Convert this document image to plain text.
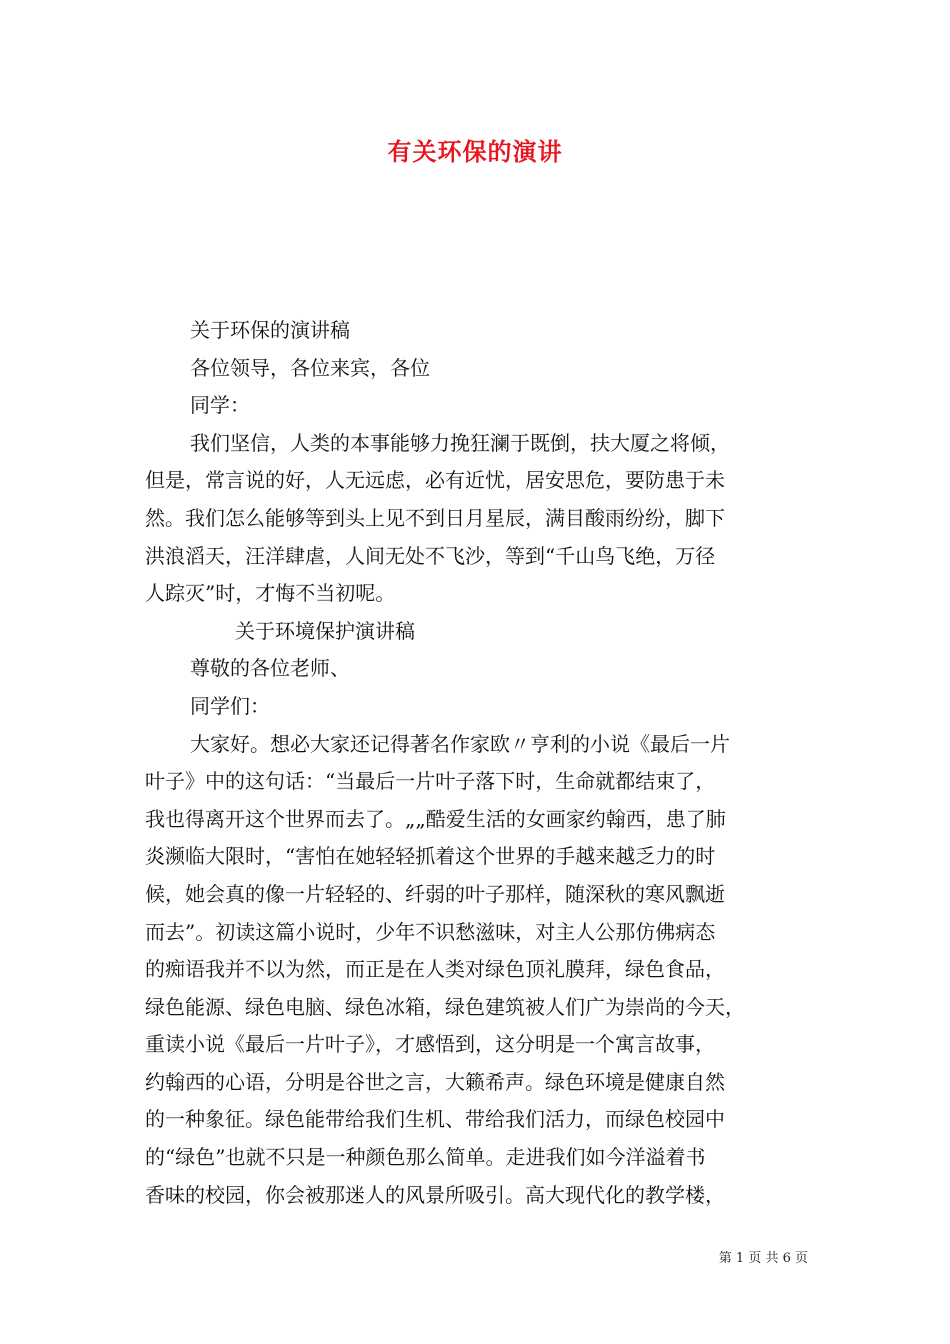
有关环保的演讲
关于环保的演讲稿
各位领导，各位来宾，各位
同学：
我们坚信，人类的本事能够力挽狂澜于既倒，扶大厦之将倾，
但是，常言说的好，人无远虑，必有近忧，居安思危，要防患于未
然。我们怎么能够等到头上见不到日月星辰，满目酸雨纷纷，脚下
洪浪滔天，汪洋肆虐，人间无处不飞沙，等到“千山鸟飞绝，万径
人踪灭”时，才悔不当初呢。
关于环境保护演讲稿
尊敬的各位老师、
同学们：
大家好。想必大家还记得著名作家欧〃亨利的小说《最后一片
叶子》中的这句话：“当最后一片叶子落下时，生命就都结束了，
我也得离开这个世界而去了。„„酷爱生活的女画家约翰西，患了肺
炎濒临大限时，“害怕在她轻轻抓着这个世界的手越来越乏力的时
候，她会真的像一片轻轻的、纤弱的叶子那样，随深秋的寒风飘逝
而去”。初读这篇小说时，少年不识愁滋味，对主人公那仿佛病态
的痴语我并不以为然，而正是在人类对绿色顶礼膜拜，绿色食品，
绿色能源、绿色电脑、绿色冰箱，绿色建筑被人们广为崇尚的今天，
重读小说《最后一片叶子》，才感悟到，这分明是一个寓言故事，
约翰西的心语，分明是谷世之言，大籁希声。绿色环境是健康自然
的一种象征。绿色能带给我们生机、带给我们活力，而绿色校园中
的“绿色”也就不只是一种颜色那么简单。走进我们如今洋溢着书
香味的校园，你会被那迷人的风景所吸引。高大现代化的教学楼，
第 1 页 共 6 页
